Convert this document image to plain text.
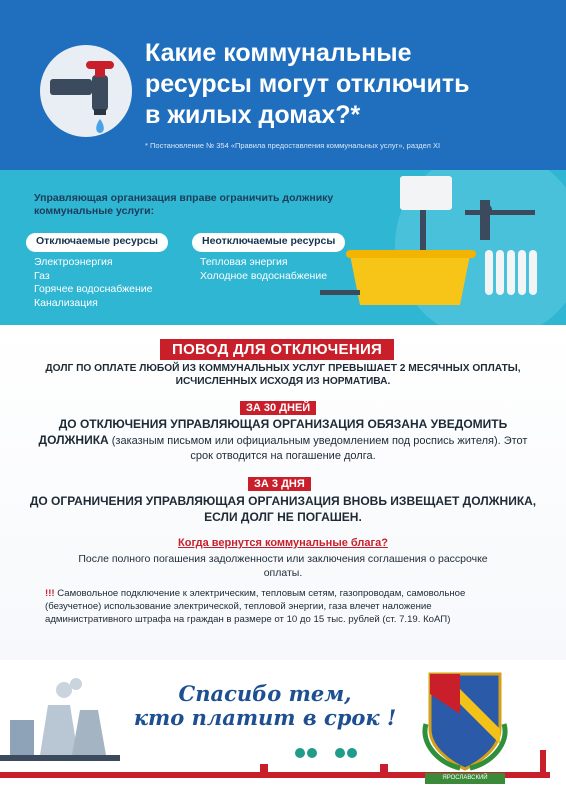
Какие коммунальные
ресурсы могут отключить
в жилых домах?*
* Постановление № 354 «Правила предоставления коммунальных услуг», раздел XI
Управляющая организация вправе ограничить должнику коммунальные услуги:
Отключаемые ресурсы	Неотключаемые ресурсы
Электроэнергия
Газ
Горячее водоснабжение
Канализация
Тепловая энергия
Холодное водоснабжение
ПОВОД ДЛЯ ОТКЛЮЧЕНИЯ
ДОЛГ ПО ОПЛАТЕ ЛЮБОЙ ИЗ КОММУНАЛЬНЫХ УСЛУГ ПРЕВЫШАЕТ 2 МЕСЯЧНЫХ ОПЛАТЫ, ИСЧИСЛЕННЫХ ИСХОДЯ ИЗ НОРМАТИВА.
ЗА 30 ДНЕЙ
ДО ОТКЛЮЧЕНИЯ УПРАВЛЯЮЩАЯ ОРГАНИЗАЦИЯ ОБЯЗАНА УВЕДОМИТЬ ДОЛЖНИКА (заказным письмом или официальным уведомлением под роспись жителя). Этот срок отводится на погашение долга.
ЗА 3 ДНЯ
ДО ОГРАНИЧЕНИЯ УПРАВЛЯЮЩАЯ ОРГАНИЗАЦИЯ ВНОВЬ ИЗВЕЩАЕТ ДОЛЖНИКА, ЕСЛИ ДОЛГ НЕ ПОГАШЕН.
Когда вернутся коммунальные блага?
После полного погашения задолженности или заключения соглашения о рассрочке оплаты.
!!! Самовольное подключение к электрическим, тепловым сетям, газопроводам, самовольное (безучетное) использование электрической, тепловой энергии, газа влечет наложение административного штрафа на граждан в размере от 10 до 15 тыс. рублей (ст. 7.19. КоАП)
Спасибо тем,
кто платит в срок !
ЯРОСЛАВСКИЙ
